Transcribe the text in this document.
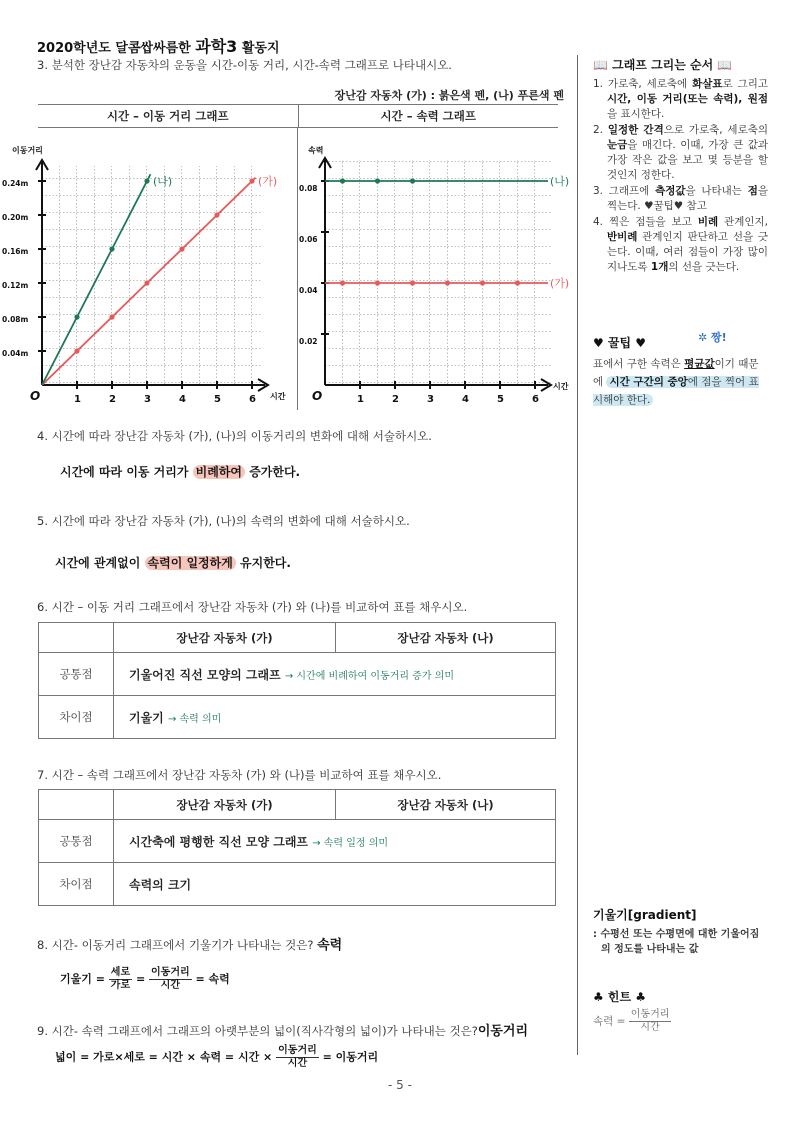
2020학년도 달콤쌉싸름한 과학3 활동지
3. 분석한 장난감 자동차의 운동을 시간-이동 거리, 시간-속력 그래프로 나타내시오.
장난감 자동차 (가) : 붉은색 펜, (나) 푸른색 펜
시간 – 이동 거리 그래프	시간 – 속력 그래프
1	2	3	4	5	6
0.04m
0.08m
0.12m
0.16m
0.20m
0.24m
이동거리
시간
O
(가)
(나)
1	2	3	4	5	6
0.02
0.04
0.06
0.08
속력
시간
O
(가)
(나)
4. 시간에 따라 장난감 자동차 (가), (나)의 이동거리의 변화에 대해 서술하시오.
시간에 따라 이동 거리가 비례하여 증가한다.
5. 시간에 따라 장난감 자동차 (가), (나)의 속력의 변화에 대해 서술하시오.
시간에 관계없이 속력이 일정하게 유지한다.
6. 시간 – 이동 거리 그래프에서 장난감 자동차 (가) 와 (나)를 비교하여 표를 채우시오.
	장난감 자동차 (가)	장난감 자동차 (나)
공통점	기울어진 직선 모양의 그래프 → 시간에 비례하여 이동거리 증가 의미	
차이점	기울기 → 속력 의미	
7. 시간 – 속력 그래프에서 장난감 자동차 (가) 와 (나)를 비교하여 표를 채우시오.
	장난감 자동차 (가)	장난감 자동차 (나)
공통점	시간축에 평행한 직선 모양 그래프 → 속력 일정 의미	
차이점	속력의 크기	
8. 시간- 이동거리 그래프에서 기울기가 나타내는 것은? 속력
기울기 = $\frac{\text{세로}}{\text{가로}} = \frac{\text{이동거리}}{\text{시간}}$ = 속력
9. 시간- 속력 그래프에서 그래프의 아랫부분의 넓이(직사각형의 넓이)가 나타내는 것은?이동거리
넓이 = 가로×세로 = 시간 × 속력 = 시간 × $\frac{\text{이동거리}}{\text{시간}}$ = 이동거리
📖 그래프 그리는 순서 📖
1. 가로축, 세로축에 화살표로 그리고 시간, 이동 거리(또는 속력), 원점을 표시한다.
2. 일정한 간격으로 가로축, 세로축의 눈금을 매긴다. 이때, 가장 큰 값과 가장 작은 값을 보고 몇 등분을 할 것인지 정한다.
3. 그래프에 측정값을 나타내는 점을 찍는다. ♥꿀팁♥ 참고
4. 찍은 점들을 보고 비례 관계인지, 반비례 관계인지 판단하고 선을 긋는다. 이때, 여러 점들이 가장 많이 지나도록 1개의 선을 긋는다.
♥ 꿀팁 ♥	✲ 짱!
표에서 구한 속력은 평균값이기 때문에 시간 구간의 중앙에 점을 찍어 표시해야 한다.
기울기[gradient]
: 수평선 또는 수평면에 대한 기울어짐의 정도를 나타내는 값
♣ 힌트 ♣
속력 = $\frac{\text{이동거리}}{\text{시간}}$
- 5 -
